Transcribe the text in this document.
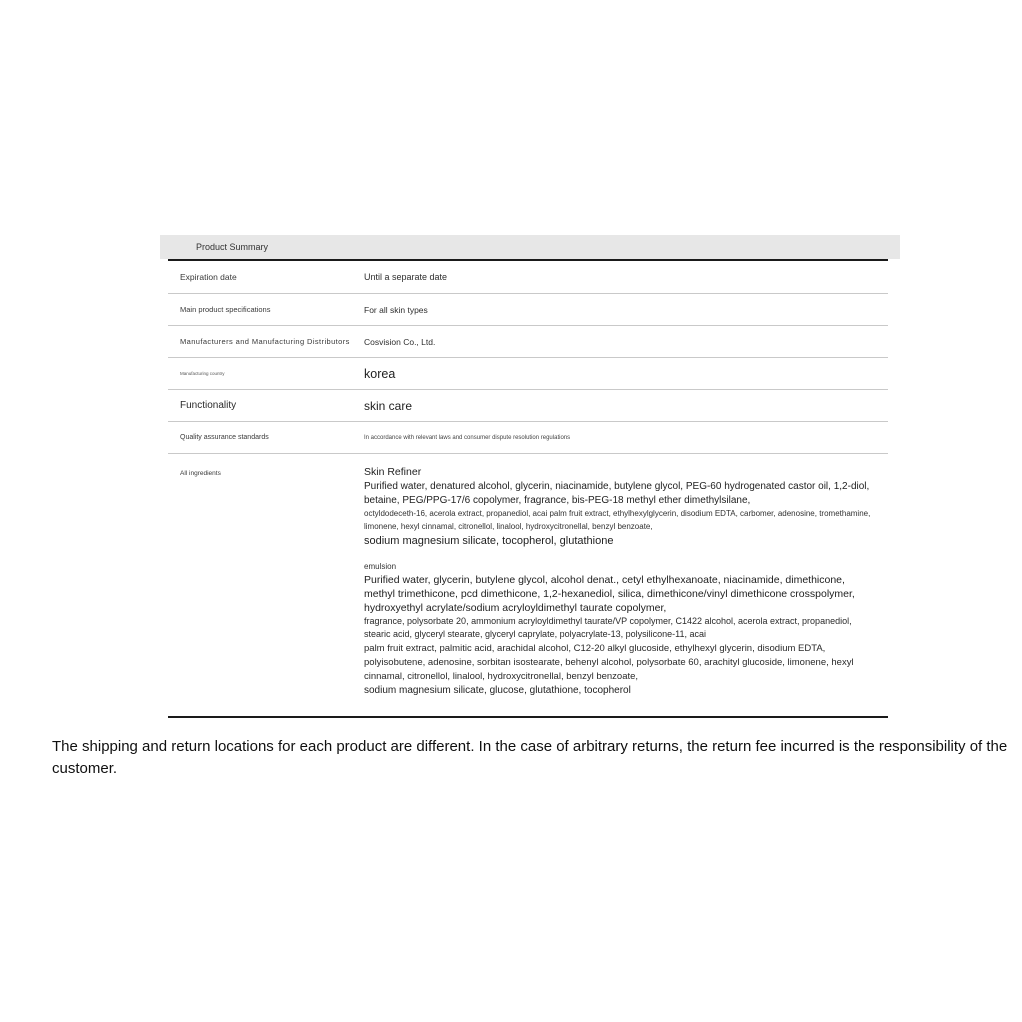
Product Summary
Expiration date	Until a separate date
Main product specifications	For all skin types
Manufacturers and Manufacturing Distributors	Cosvision Co., Ltd.
Manufacturing country	korea
Functionality	skin care
Quality assurance standards	In accordance with relevant laws and consumer dispute resolution regulations
All ingredients	Skin Refiner

Purified water, denatured alcohol, glycerin, niacinamide, butylene glycol, PEG-60 hydrogenated castor oil, 1,2-diol, betaine, PEG/PPG-17/6 copolymer, fragrance, bis-PEG-18 methyl ether dimethylsilane,

octyldodeceth-16, acerola extract, propanediol, acai palm fruit extract, ethylhexylglycerin, disodium EDTA, carbomer, adenosine, tromethamine, limonene, hexyl cinnamal, citronellol, linalool, hydroxycitronellal, benzyl benzoate,

sodium magnesium silicate, tocopherol, glutathione

emulsion

Purified water, glycerin, butylene glycol, alcohol denat., cetyl ethylhexanoate, niacinamide, dimethicone, methyl trimethicone, pcd dimethicone, 1,2-hexanediol, silica, dimethicone/vinyl dimethicone crosspolymer, hydroxyethyl acrylate/sodium acryloyldimethyl taurate copolymer,

fragrance, polysorbate 20, ammonium acryloyldimethyl taurate/VP copolymer, C1422 alcohol, acerola extract, propanediol, stearic acid, glyceryl stearate, glyceryl caprylate, polyacrylate-13, polysilicone-11, acai

palm fruit extract, palmitic acid, arachidal alcohol, C12-20 alkyl glucoside, ethylhexyl glycerin, disodium EDTA, polyisobutene, adenosine, sorbitan isostearate, behenyl alcohol, polysorbate 60, arachityl glucoside, limonene, hexyl cinnamal, citronellol, linalool, hydroxycitronellal, benzyl benzoate,

sodium magnesium silicate, glucose, glutathione, tocopherol

The shipping and return locations for each product are different. In the case of arbitrary returns, the return fee incurred is the responsibility of the customer.
